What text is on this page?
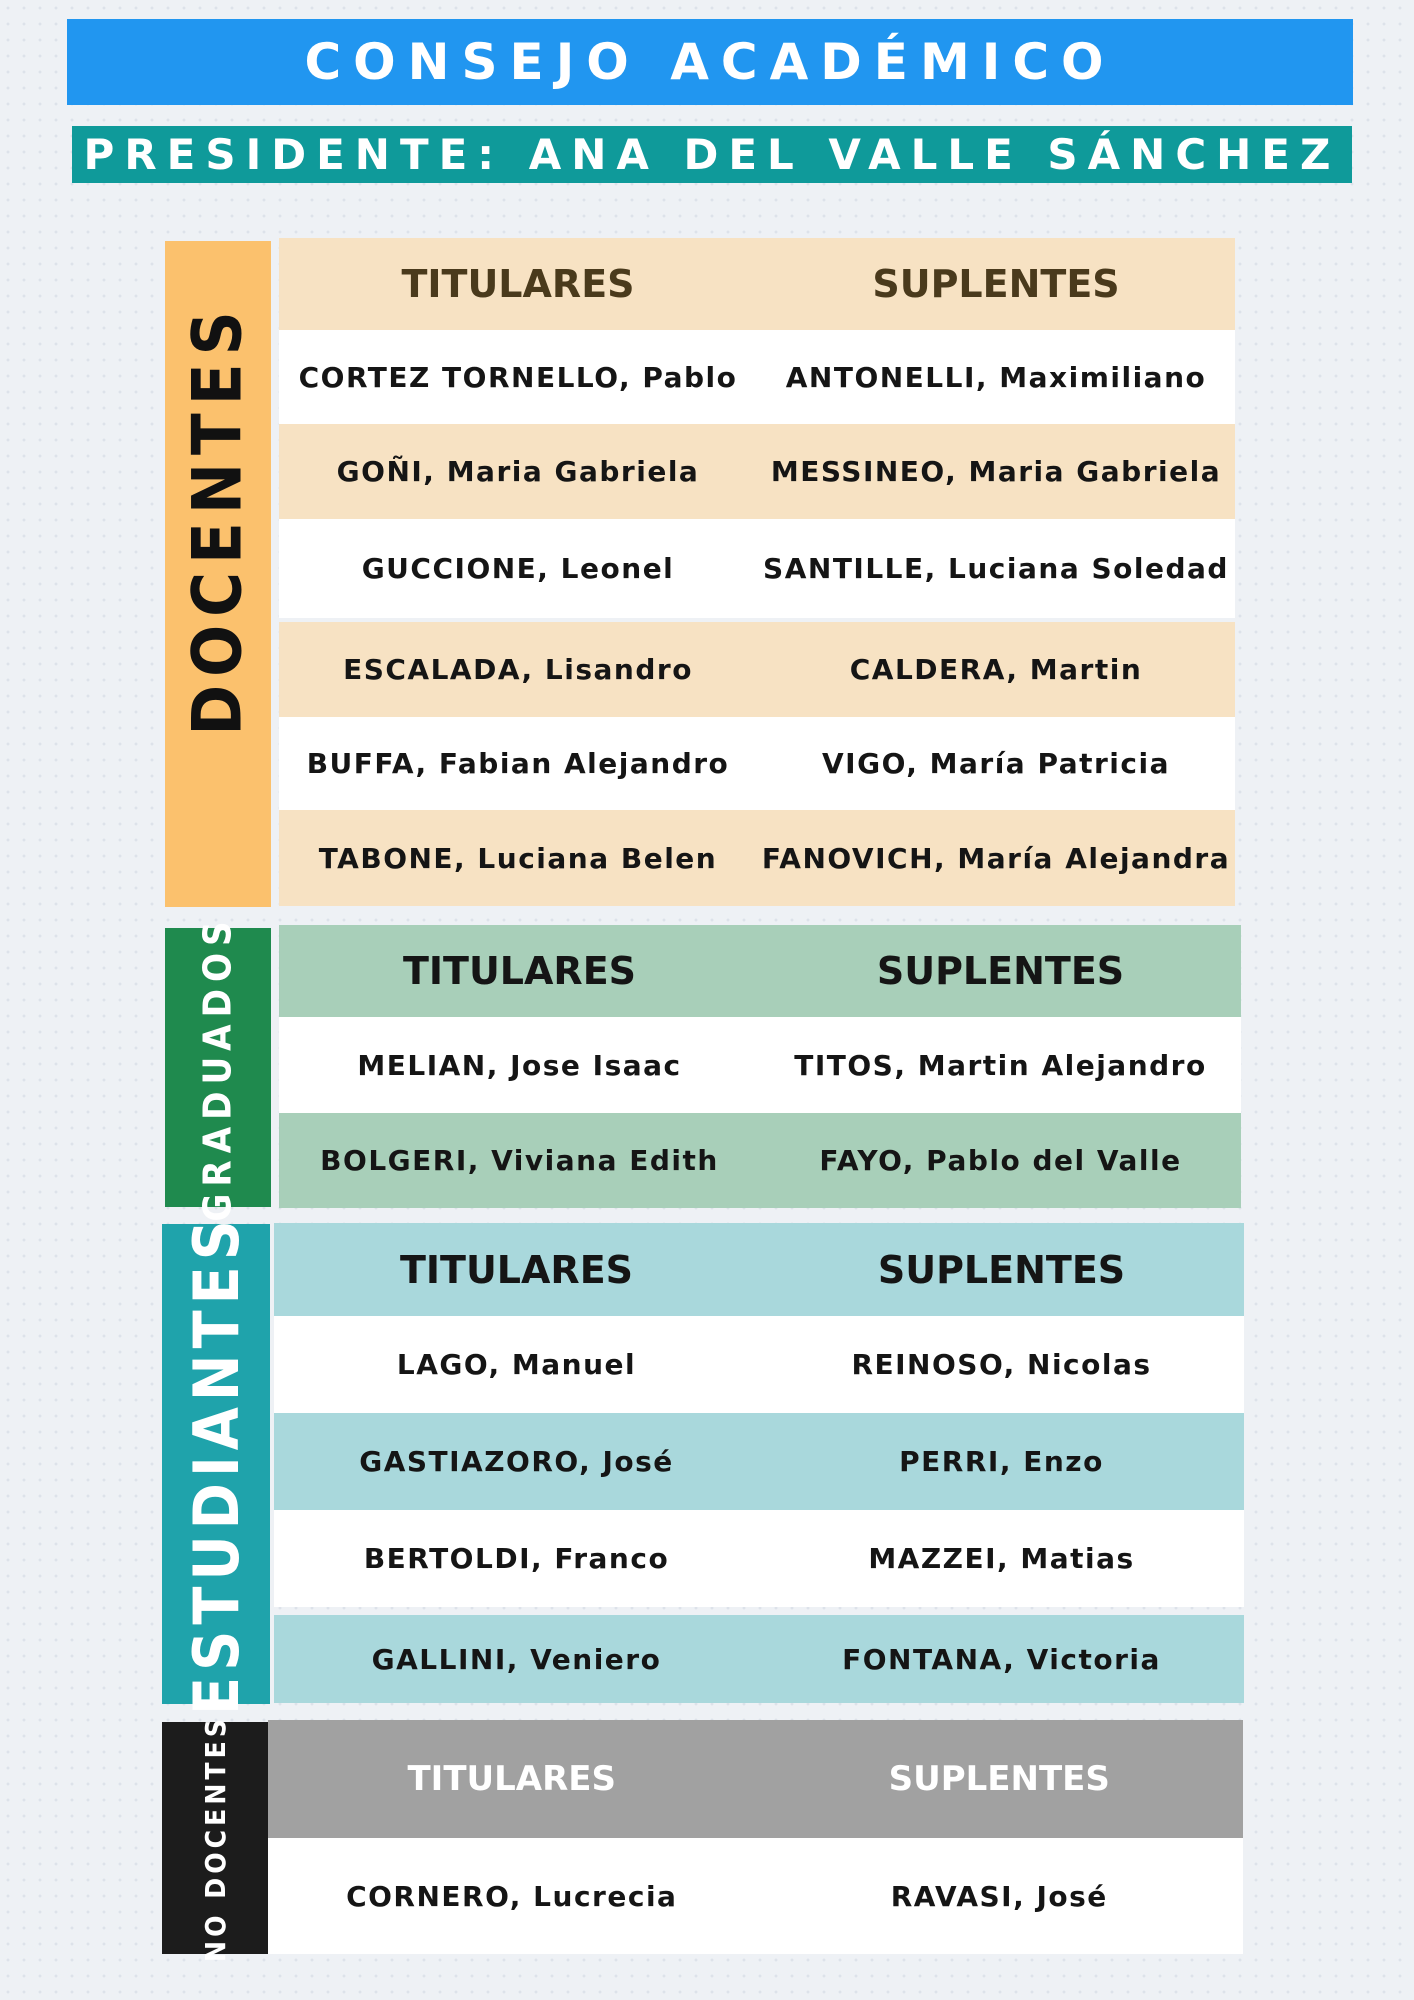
CONSEJO ACADÉMICO
PRESIDENTE: ANA DEL VALLE SÁNCHEZ
DOCENTES
TITULARES	SUPLENTES
CORTEZ TORNELLO, Pablo	ANTONELLI, Maximiliano
GOÑI, Maria Gabriela	MESSINEO, Maria Gabriela
GUCCIONE, Leonel	SANTILLE, Luciana Soledad
ESCALADA, Lisandro	CALDERA, Martin
BUFFA, Fabian Alejandro	VIGO, María Patricia
TABONE, Luciana Belen	FANOVICH, María Alejandra
GRADUADOS	TITULARES	SUPLENTES
MELIAN, Jose Isaac	TITOS, Martin Alejandro
BOLGERI, Viviana Edith	FAYO, Pablo del Valle
ESTUDIANTES	TITULARES	SUPLENTES
LAGO, Manuel	REINOSO, Nicolas
GASTIAZORO, José	PERRI, Enzo
BERTOLDI, Franco	MAZZEI, Matias
GALLINI, Veniero	FONTANA, Victoria
NO DOCENTES	TITULARES	SUPLENTES
CORNERO, Lucrecia	RAVASI, José
